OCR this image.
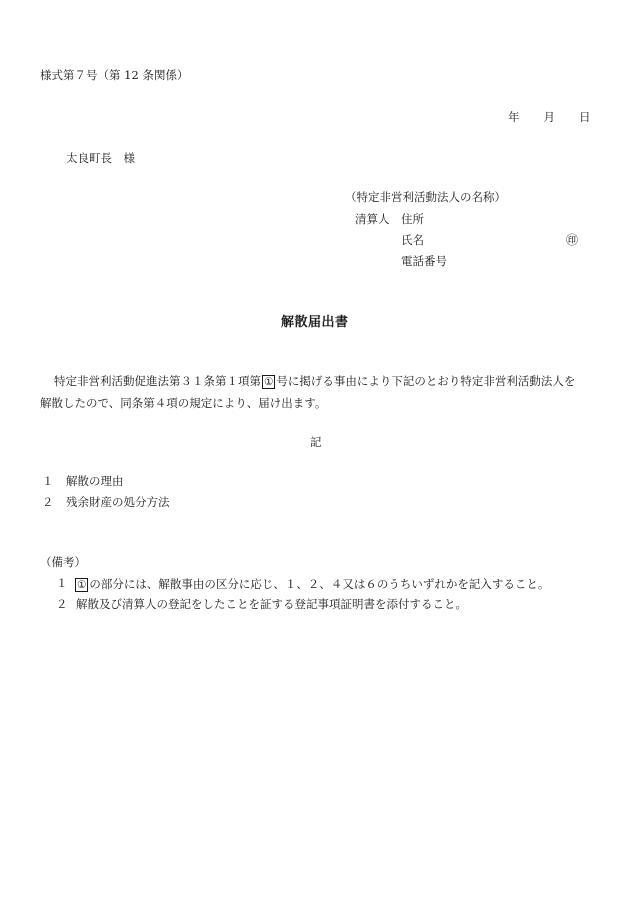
様式第７号（第 12 条関係）
年 月 日
太良町長　様
（特定非営利活動法人の名称）
清算人 住所
氏名	㊞
電話番号
解散届出書
特定非営利活動促進法第３１条第１項第 ① 号に掲げる事由により下記のとおり特定非営利活動法人を
解散したので、同条第４項の規定により、届け出ます。
記
１ 解散の理由
２ 残余財産の処分方法
（備考）
１ ① の部分には、解散事由の区分に応じ、１、２、４又は６のうちいずれかを記入すること。
２ 解散及び清算人の登記をしたことを証する登記事項証明書を添付すること。
